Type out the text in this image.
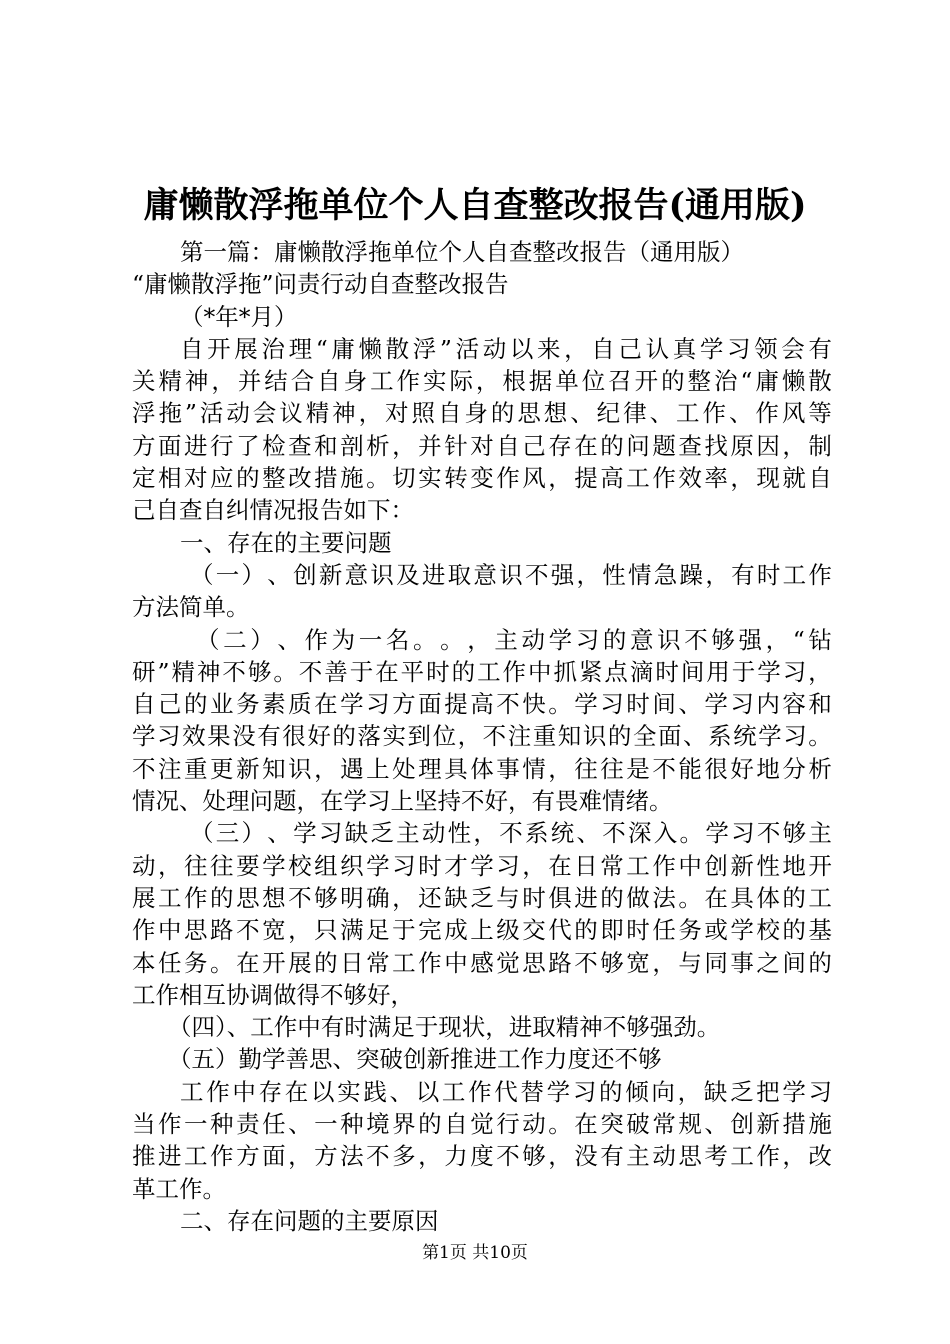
庸懒散浮拖单位个人自查整改报告(通用版)
第一篇：庸懒散浮拖单位个人自查整改报告（通用版）
“庸懒散浮拖”问责行动自查整改报告
（*年*月）
自 开 展 治 理 “ 庸 懒 散 浮 ” 活 动 以 来 ， 自 己 认 真 学 习 领 会 有
关 精 神 ， 并 结 合 自 身 工 作 实 际 ， 根 据 单 位 召 开 的 整 治 “ 庸 懒 散
浮 拖 ” 活 动 会 议 精 神 ， 对 照 自 身 的 思 想 、 纪 律 、 工 作 、 作 风 等
方 面 进 行 了 检 查 和 剖 析 ， 并 针 对 自 己 存 在 的 问 题 查 找 原 因 ， 制
定 相 对 应 的 整 改 措 施 。 切 实 转 变 作 风 ， 提 高 工 作 效 率 ， 现 就 自
己自查自纠情况报告如下：
一、存在的主要问题
（ 一 ） 、 创 新 意 识 及 进 取 意 识 不 强 ， 性 情 急 躁 ， 有 时 工 作
方法简单。
（ 二 ） 、 作 为 一 名 。 。 ， 主 动 学 习 的 意 识 不 够 强 ， “ 钻
研 ” 精 神 不 够 。 不 善 于 在 平 时 的 工 作 中 抓 紧 点 滴 时 间 用 于 学 习 ，
自 己 的 业 务 素 质 在 学 习 方 面 提 高 不 快 。 学 习 时 间 、 学 习 内 容 和
学 习 效 果 没 有 很 好 的 落 实 到 位 ， 不 注 重 知 识 的 全 面 、 系 统 学 习 。
不 注 重 更 新 知 识 ， 遇 上 处 理 具 体 事 情 ， 往 往 是 不 能 很 好 地 分 析
情况、处理问题，在学习上坚持不好，有畏难情绪。
（ 三 ） 、 学 习 缺 乏 主 动 性 ， 不 系 统 、 不 深 入 。 学 习 不 够 主
动 ， 往 往 要 学 校 组 织 学 习 时 才 学 习 ， 在 日 常 工 作 中 创 新 性 地 开
展 工 作 的 思 想 不 够 明 确 ， 还 缺 乏 与 时 俱 进 的 做 法 。 在 具 体 的 工
作 中 思 路 不 宽 ， 只 满 足 于 完 成 上 级 交 代 的 即 时 任 务 或 学 校 的 基
本 任 务 。 在 开 展 的 日 常 工 作 中 感 觉 思 路 不 够 宽 ， 与 同 事 之 间 的
工作相互协调做得不够好，
（四）、工作中有时满足于现状，进取精神不够强劲。
（五）勤学善思、突破创新推进工作力度还不够
工 作 中 存 在 以 实 践 、 以 工 作 代 替 学 习 的 倾 向 ， 缺 乏 把 学 习
当 作 一 种 责 任 、 一 种 境 界 的 自 觉 行 动 。 在 突 破 常 规 、 创 新 措 施
推 进 工 作 方 面 ， 方 法 不 多 ， 力 度 不 够 ， 没 有 主 动 思 考 工 作 ， 改
革工作。
二、存在问题的主要原因
第1页 共10页
